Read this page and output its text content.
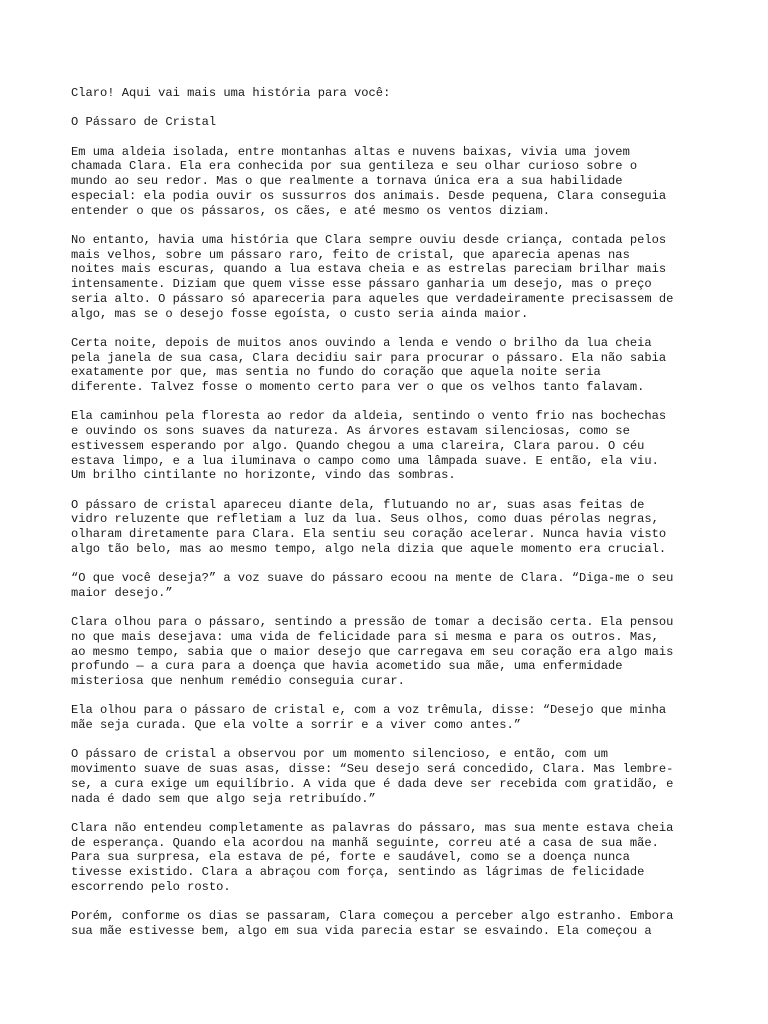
Claro! Aqui vai mais uma história para você:

O Pássaro de Cristal

Em uma aldeia isolada, entre montanhas altas e nuvens baixas, vivia uma jovem
chamada Clara. Ela era conhecida por sua gentileza e seu olhar curioso sobre o
mundo ao seu redor. Mas o que realmente a tornava única era a sua habilidade
especial: ela podia ouvir os sussurros dos animais. Desde pequena, Clara conseguia
entender o que os pássaros, os cães, e até mesmo os ventos diziam.

No entanto, havia uma história que Clara sempre ouviu desde criança, contada pelos
mais velhos, sobre um pássaro raro, feito de cristal, que aparecia apenas nas
noites mais escuras, quando a lua estava cheia e as estrelas pareciam brilhar mais
intensamente. Diziam que quem visse esse pássaro ganharia um desejo, mas o preço
seria alto. O pássaro só apareceria para aqueles que verdadeiramente precisassem de
algo, mas se o desejo fosse egoísta, o custo seria ainda maior.

Certa noite, depois de muitos anos ouvindo a lenda e vendo o brilho da lua cheia
pela janela de sua casa, Clara decidiu sair para procurar o pássaro. Ela não sabia
exatamente por que, mas sentia no fundo do coração que aquela noite seria
diferente. Talvez fosse o momento certo para ver o que os velhos tanto falavam.

Ela caminhou pela floresta ao redor da aldeia, sentindo o vento frio nas bochechas
e ouvindo os sons suaves da natureza. As árvores estavam silenciosas, como se
estivessem esperando por algo. Quando chegou a uma clareira, Clara parou. O céu
estava limpo, e a lua iluminava o campo como uma lâmpada suave. E então, ela viu.
Um brilho cintilante no horizonte, vindo das sombras.

O pássaro de cristal apareceu diante dela, flutuando no ar, suas asas feitas de
vidro reluzente que refletiam a luz da lua. Seus olhos, como duas pérolas negras,
olharam diretamente para Clara. Ela sentiu seu coração acelerar. Nunca havia visto
algo tão belo, mas ao mesmo tempo, algo nela dizia que aquele momento era crucial.

“O que você deseja?” a voz suave do pássaro ecoou na mente de Clara. “Diga-me o seu
maior desejo.”

Clara olhou para o pássaro, sentindo a pressão de tomar a decisão certa. Ela pensou
no que mais desejava: uma vida de felicidade para si mesma e para os outros. Mas,
ao mesmo tempo, sabia que o maior desejo que carregava em seu coração era algo mais
profundo — a cura para a doença que havia acometido sua mãe, uma enfermidade
misteriosa que nenhum remédio conseguia curar.

Ela olhou para o pássaro de cristal e, com a voz trêmula, disse: “Desejo que minha
mãe seja curada. Que ela volte a sorrir e a viver como antes.”

O pássaro de cristal a observou por um momento silencioso, e então, com um
movimento suave de suas asas, disse: “Seu desejo será concedido, Clara. Mas lembre-
se, a cura exige um equilíbrio. A vida que é dada deve ser recebida com gratidão, e
nada é dado sem que algo seja retribuído.”

Clara não entendeu completamente as palavras do pássaro, mas sua mente estava cheia
de esperança. Quando ela acordou na manhã seguinte, correu até a casa de sua mãe.
Para sua surpresa, ela estava de pé, forte e saudável, como se a doença nunca
tivesse existido. Clara a abraçou com força, sentindo as lágrimas de felicidade
escorrendo pelo rosto.

Porém, conforme os dias se passaram, Clara começou a perceber algo estranho. Embora
sua mãe estivesse bem, algo em sua vida parecia estar se esvaindo. Ela começou a
